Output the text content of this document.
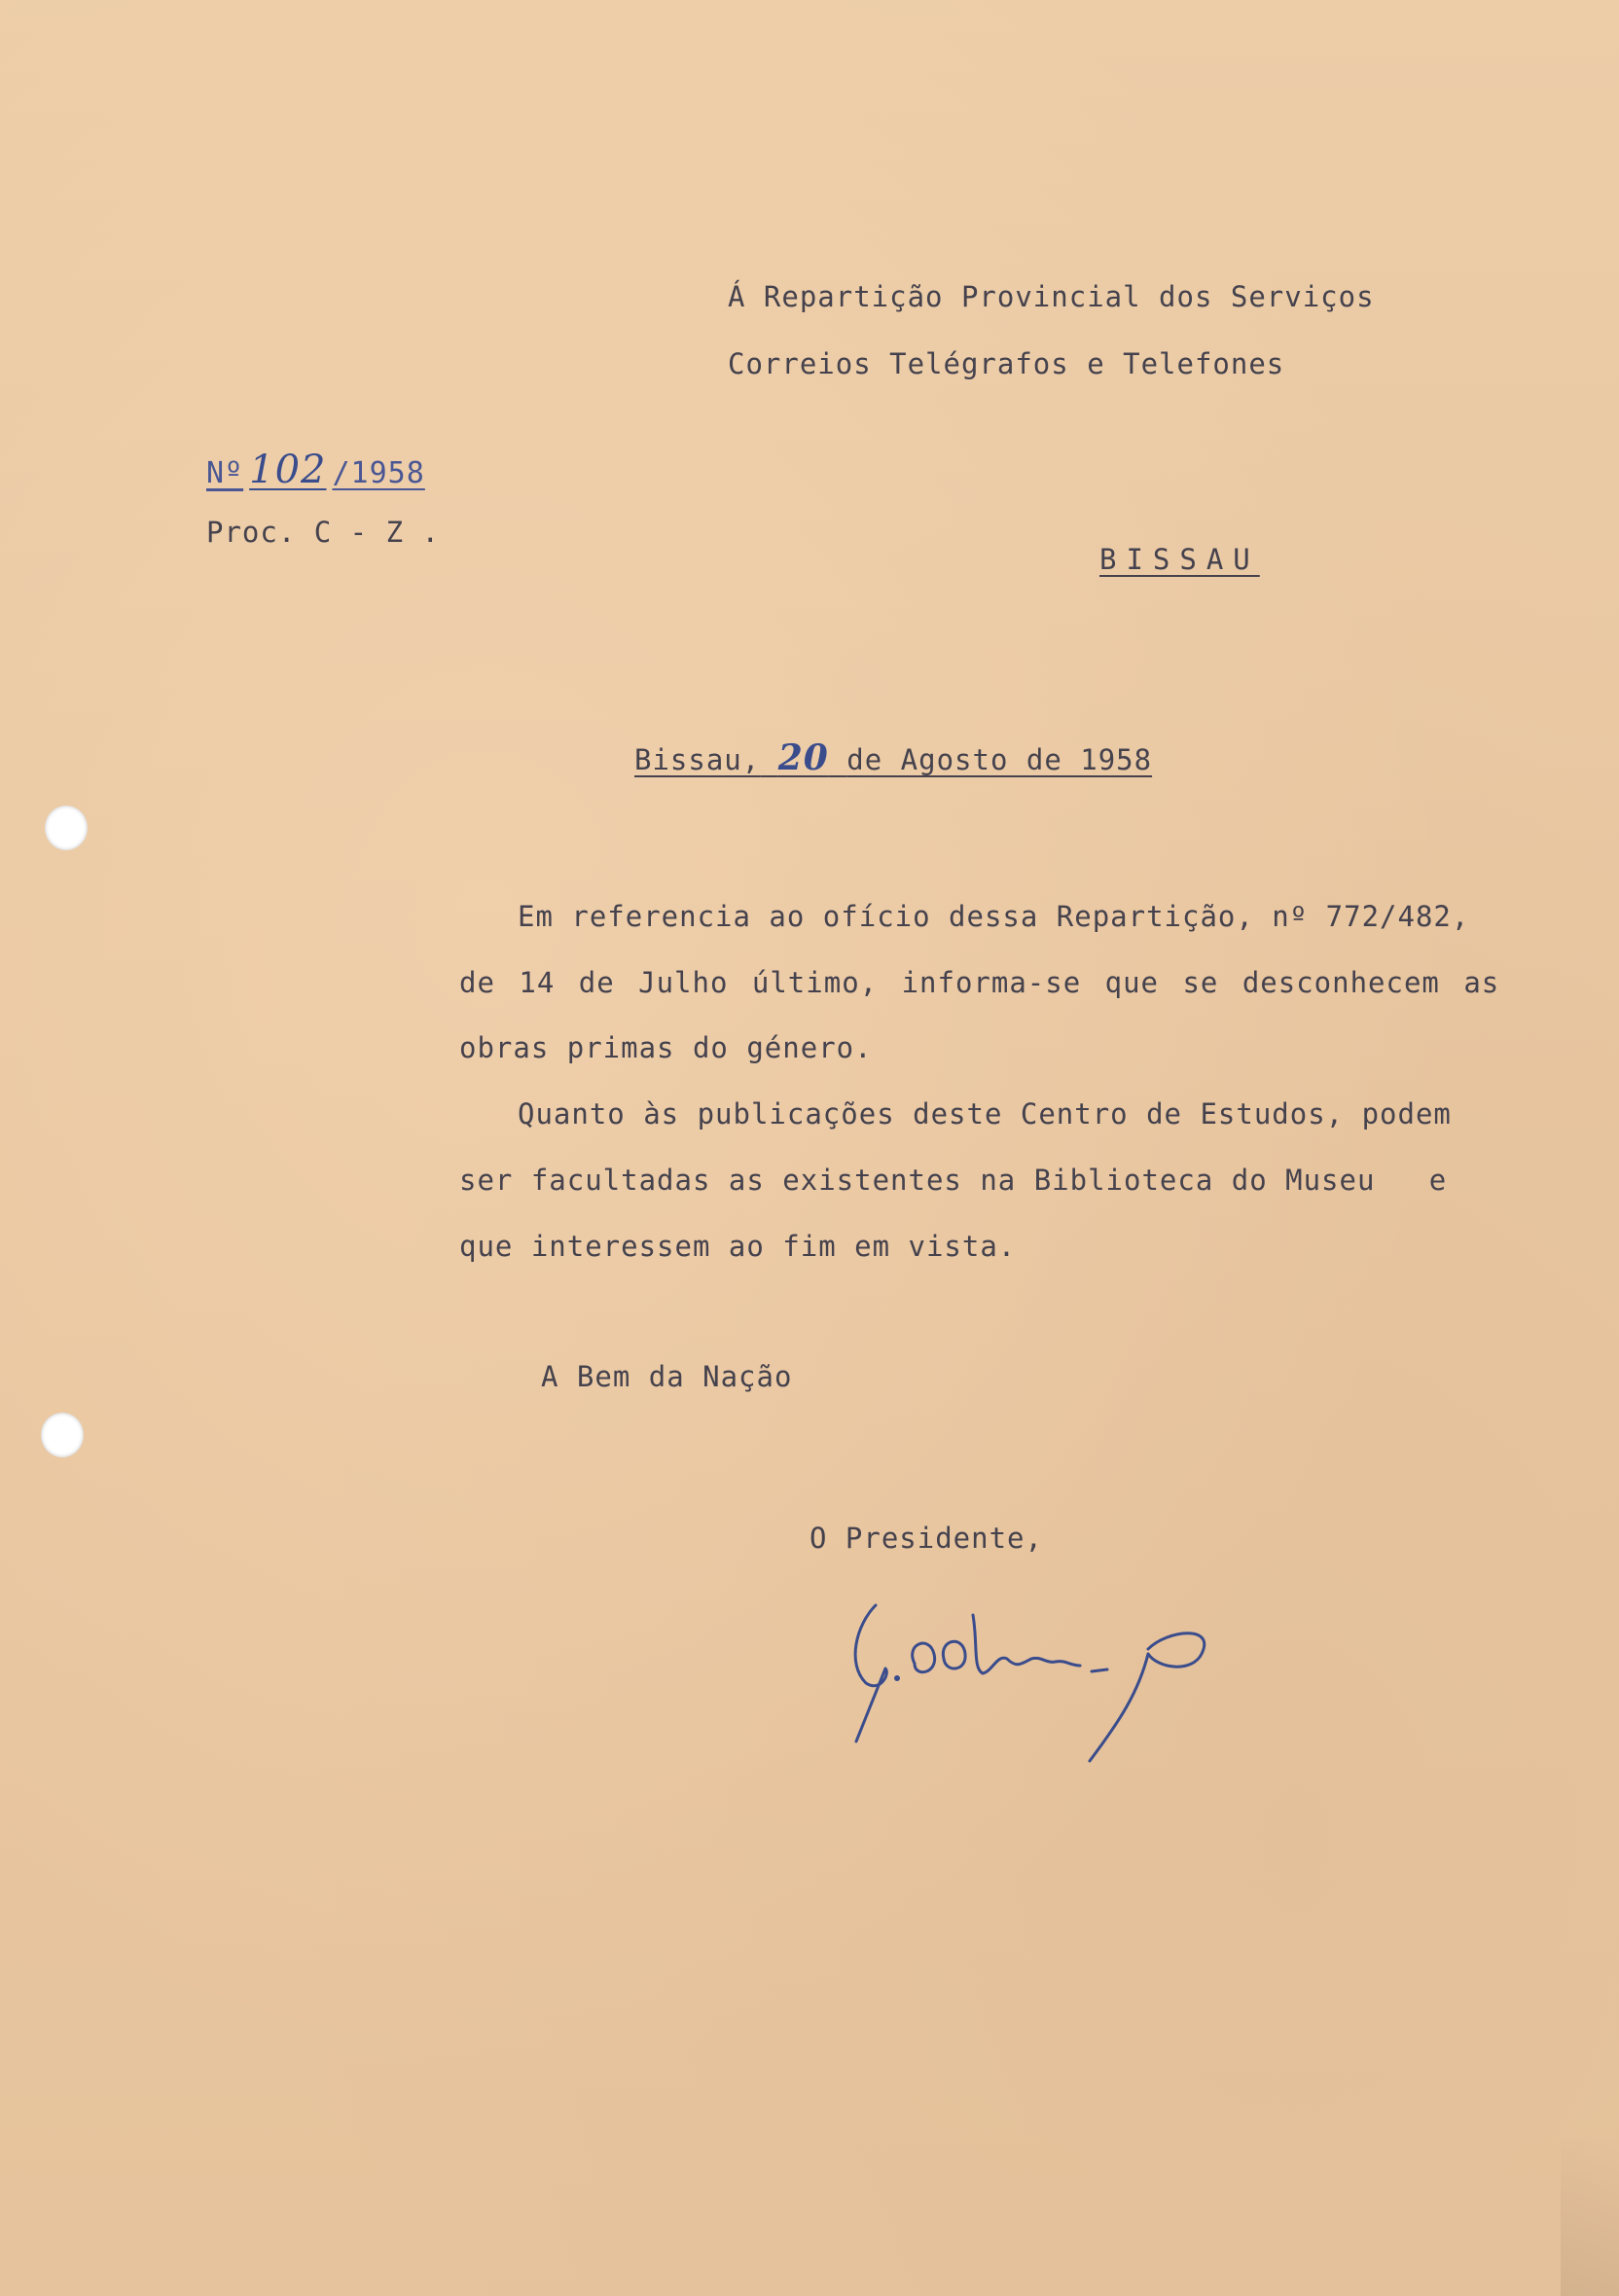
Á Repartição Provincial dos Serviços
Correios Telégrafos e Telefones
Nº 102 /1958
Proc. C - Z .
BISSAU
Bissau, 20 de Agosto de 1958
Em referencia ao ofício dessa Repartição, nº 772/482,
de 14 de Julho último, informa-se que se desconhecem as
obras primas do género.
Quanto às publicações deste Centro de Estudos, podem
ser facultadas as existentes na Biblioteca do Museu   e
que interessem ao fim em vista.
A Bem da Nação
O Presidente,
